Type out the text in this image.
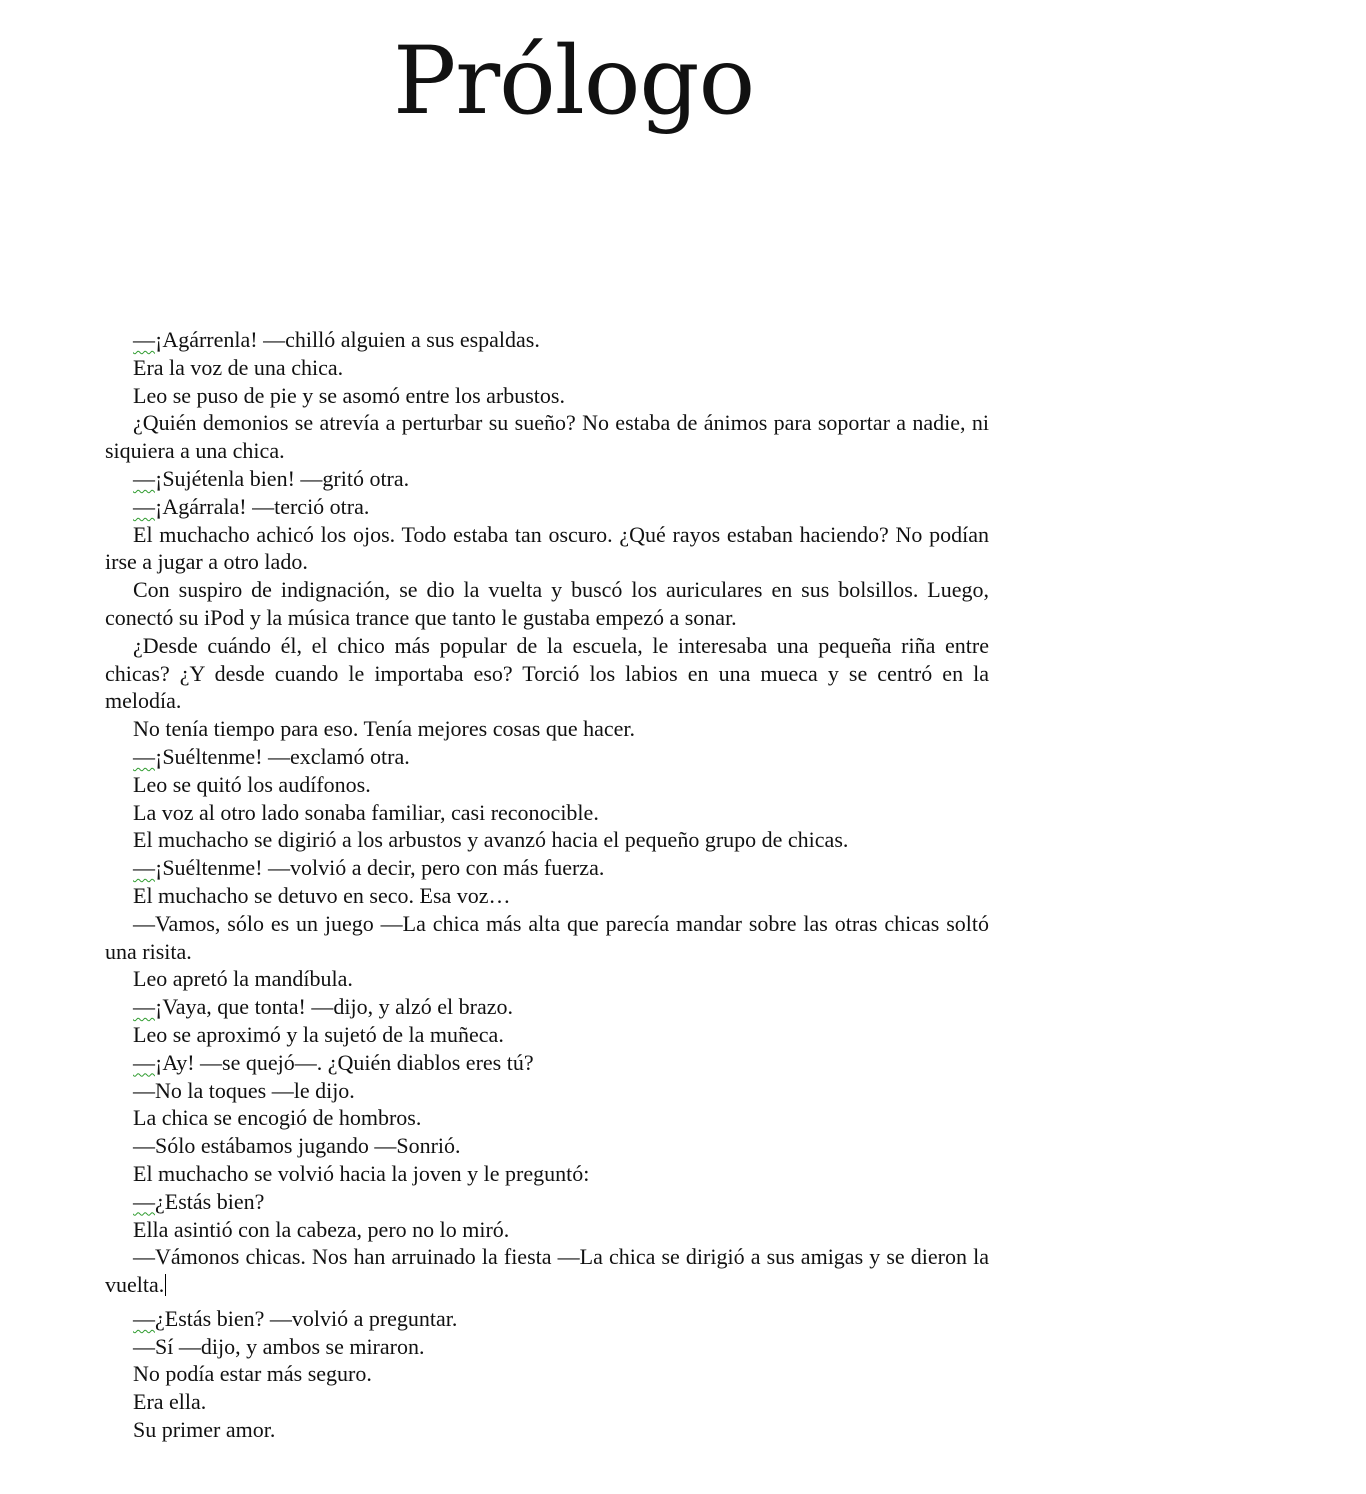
Prólogo

—¡Agárrenla! —chilló alguien a sus espaldas.

Era la voz de una chica.

Leo se puso de pie y se asomó entre los arbustos.

¿Quién demonios se atrevía a perturbar su sueño? No estaba de ánimos para soportar a nadie, ni siquiera a una chica.

—¡Sujétenla bien! —gritó otra.

—¡Agárrala! —terció otra.

El muchacho achicó los ojos. Todo estaba tan oscuro. ¿Qué rayos estaban haciendo? No podían irse a jugar a otro lado.

Con suspiro de indignación, se dio la vuelta y buscó los auriculares en sus bolsillos. Luego, conectó su iPod y la música trance que tanto le gustaba empezó a sonar.

¿Desde cuándo él, el chico más popular de la escuela, le interesaba una pequeña riña entre chicas? ¿Y desde cuando le importaba eso? Torció los labios en una mueca y se centró en la melodía.

No tenía tiempo para eso. Tenía mejores cosas que hacer.

—¡Suéltenme! —exclamó otra.

Leo se quitó los audífonos.

La voz al otro lado sonaba familiar, casi reconocible.

El muchacho se digirió a los arbustos y avanzó hacia el pequeño grupo de chicas.

—¡Suéltenme! —volvió a decir, pero con más fuerza.

El muchacho se detuvo en seco. Esa voz…

—Vamos, sólo es un juego —La chica más alta que parecía mandar sobre las otras chicas soltó una risita.

Leo apretó la mandíbula.

—¡Vaya, que tonta! —dijo, y alzó el brazo.

Leo se aproximó y la sujetó de la muñeca.

—¡Ay! —se quejó—. ¿Quién diablos eres tú?

—No la toques —le dijo.

La chica se encogió de hombros.

—Sólo estábamos jugando —Sonrió.

El muchacho se volvió hacia la joven y le preguntó:

—¿Estás bien?

Ella asintió con la cabeza, pero no lo miró.

—Vámonos chicas. Nos han arruinado la fiesta —La chica se dirigió a sus amigas y se dieron la vuelta.

—¿Estás bien? —volvió a preguntar.

—Sí —dijo, y ambos se miraron.

No podía estar más seguro.

Era ella.

Su primer amor.
